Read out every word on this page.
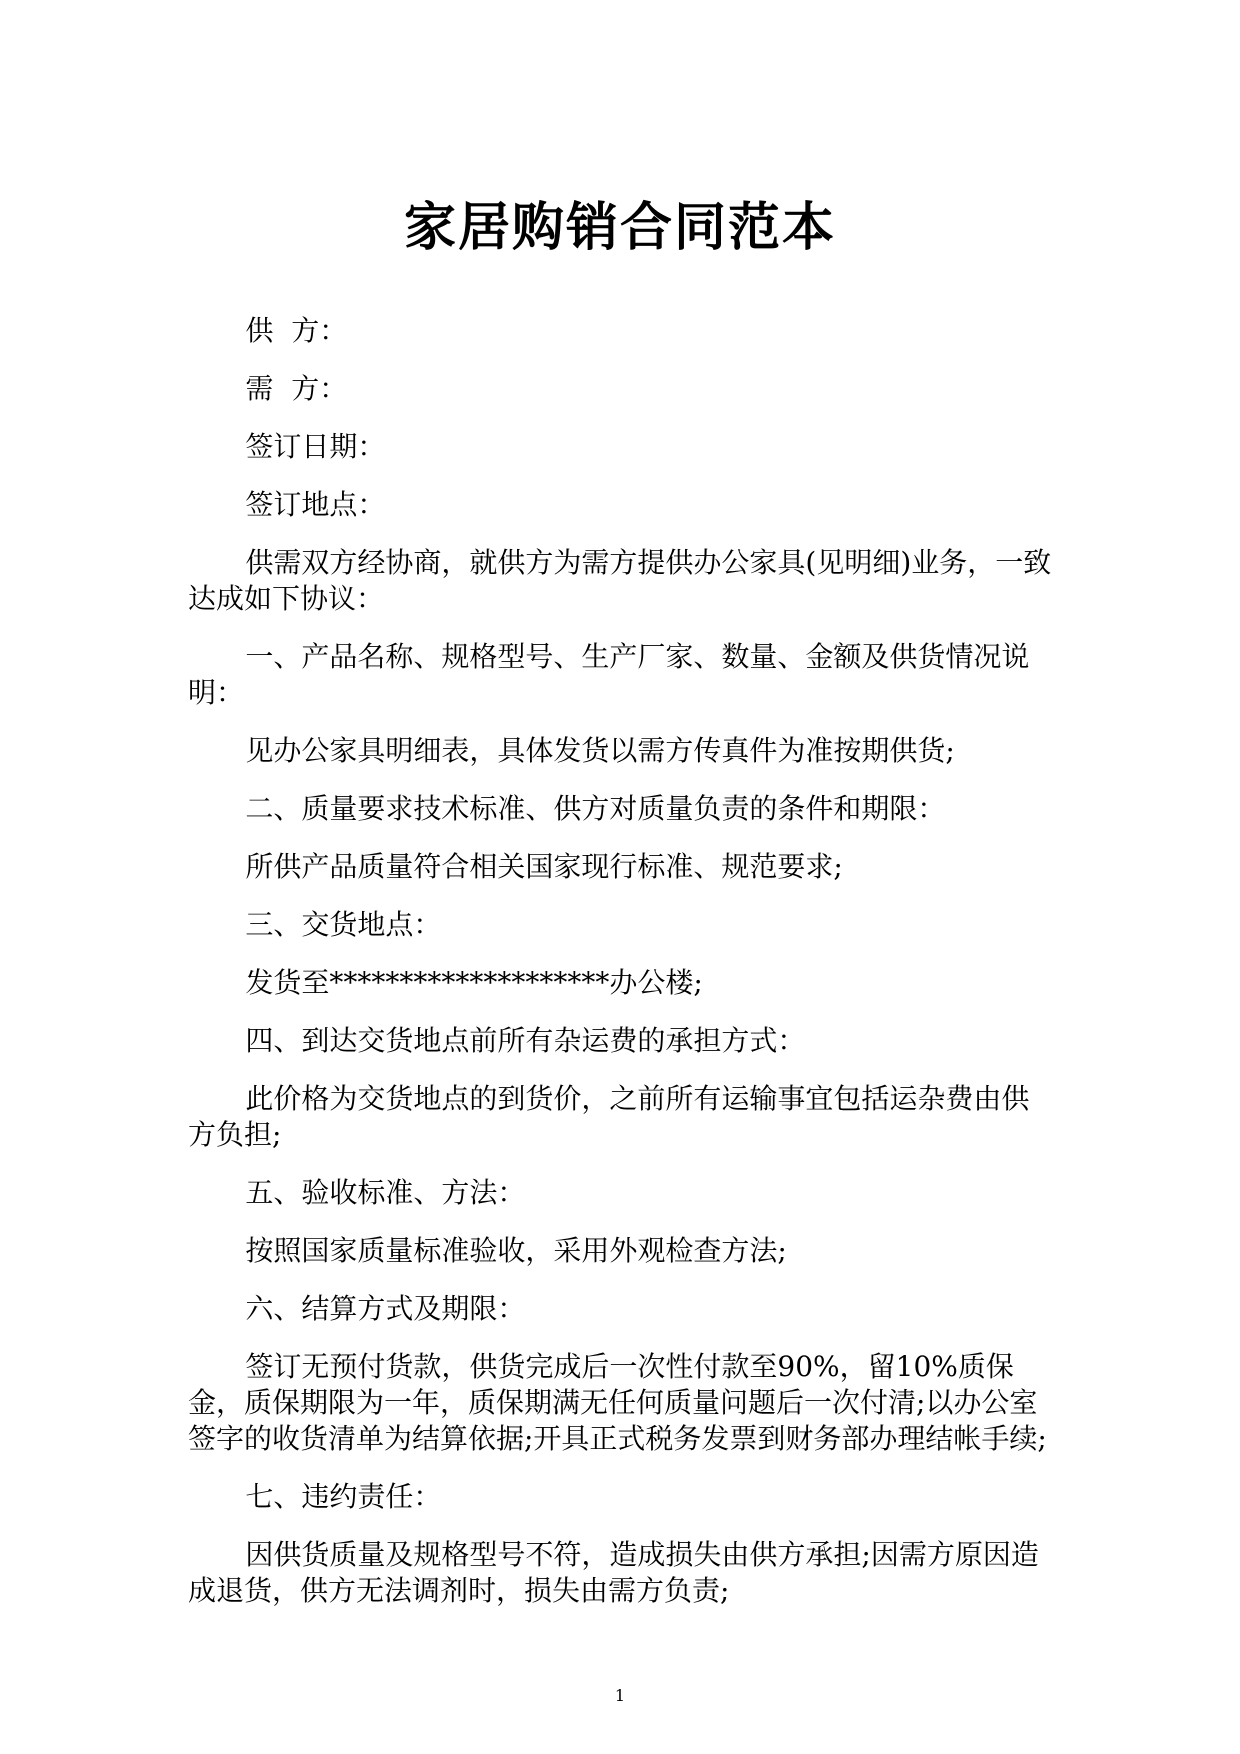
家居购销合同范本

供  方：

需  方：

签订日期：

签订地点：

供需双方经协商，就供方为需方提供办公家具(见明细)业务，一致达成如下协议：

一、产品名称、规格型号、生产厂家、数量、金额及供货情况说明：

见办公家具明细表，具体发货以需方传真件为准按期供货;

二、质量要求技术标准、供方对质量负责的条件和期限：

所供产品质量符合相关国家现行标准、规范要求;

三、交货地点：

发货至********************办公楼;

四、到达交货地点前所有杂运费的承担方式：

此价格为交货地点的到货价，之前所有运输事宜包括运杂费由供方负担;

五、验收标准、方法：

按照国家质量标准验收，采用外观检查方法;

六、结算方式及期限：

签订无预付货款，供货完成后一次性付款至90%，留10%质保金，质保期限为一年，质保期满无任何质量问题后一次付清;以办公室签字的收货清单为结算依据;开具正式税务发票到财务部办理结帐手续;

七、违约责任：

因供货质量及规格型号不符，造成损失由供方承担;因需方原因造成退货，供方无法调剂时，损失由需方负责;

1
